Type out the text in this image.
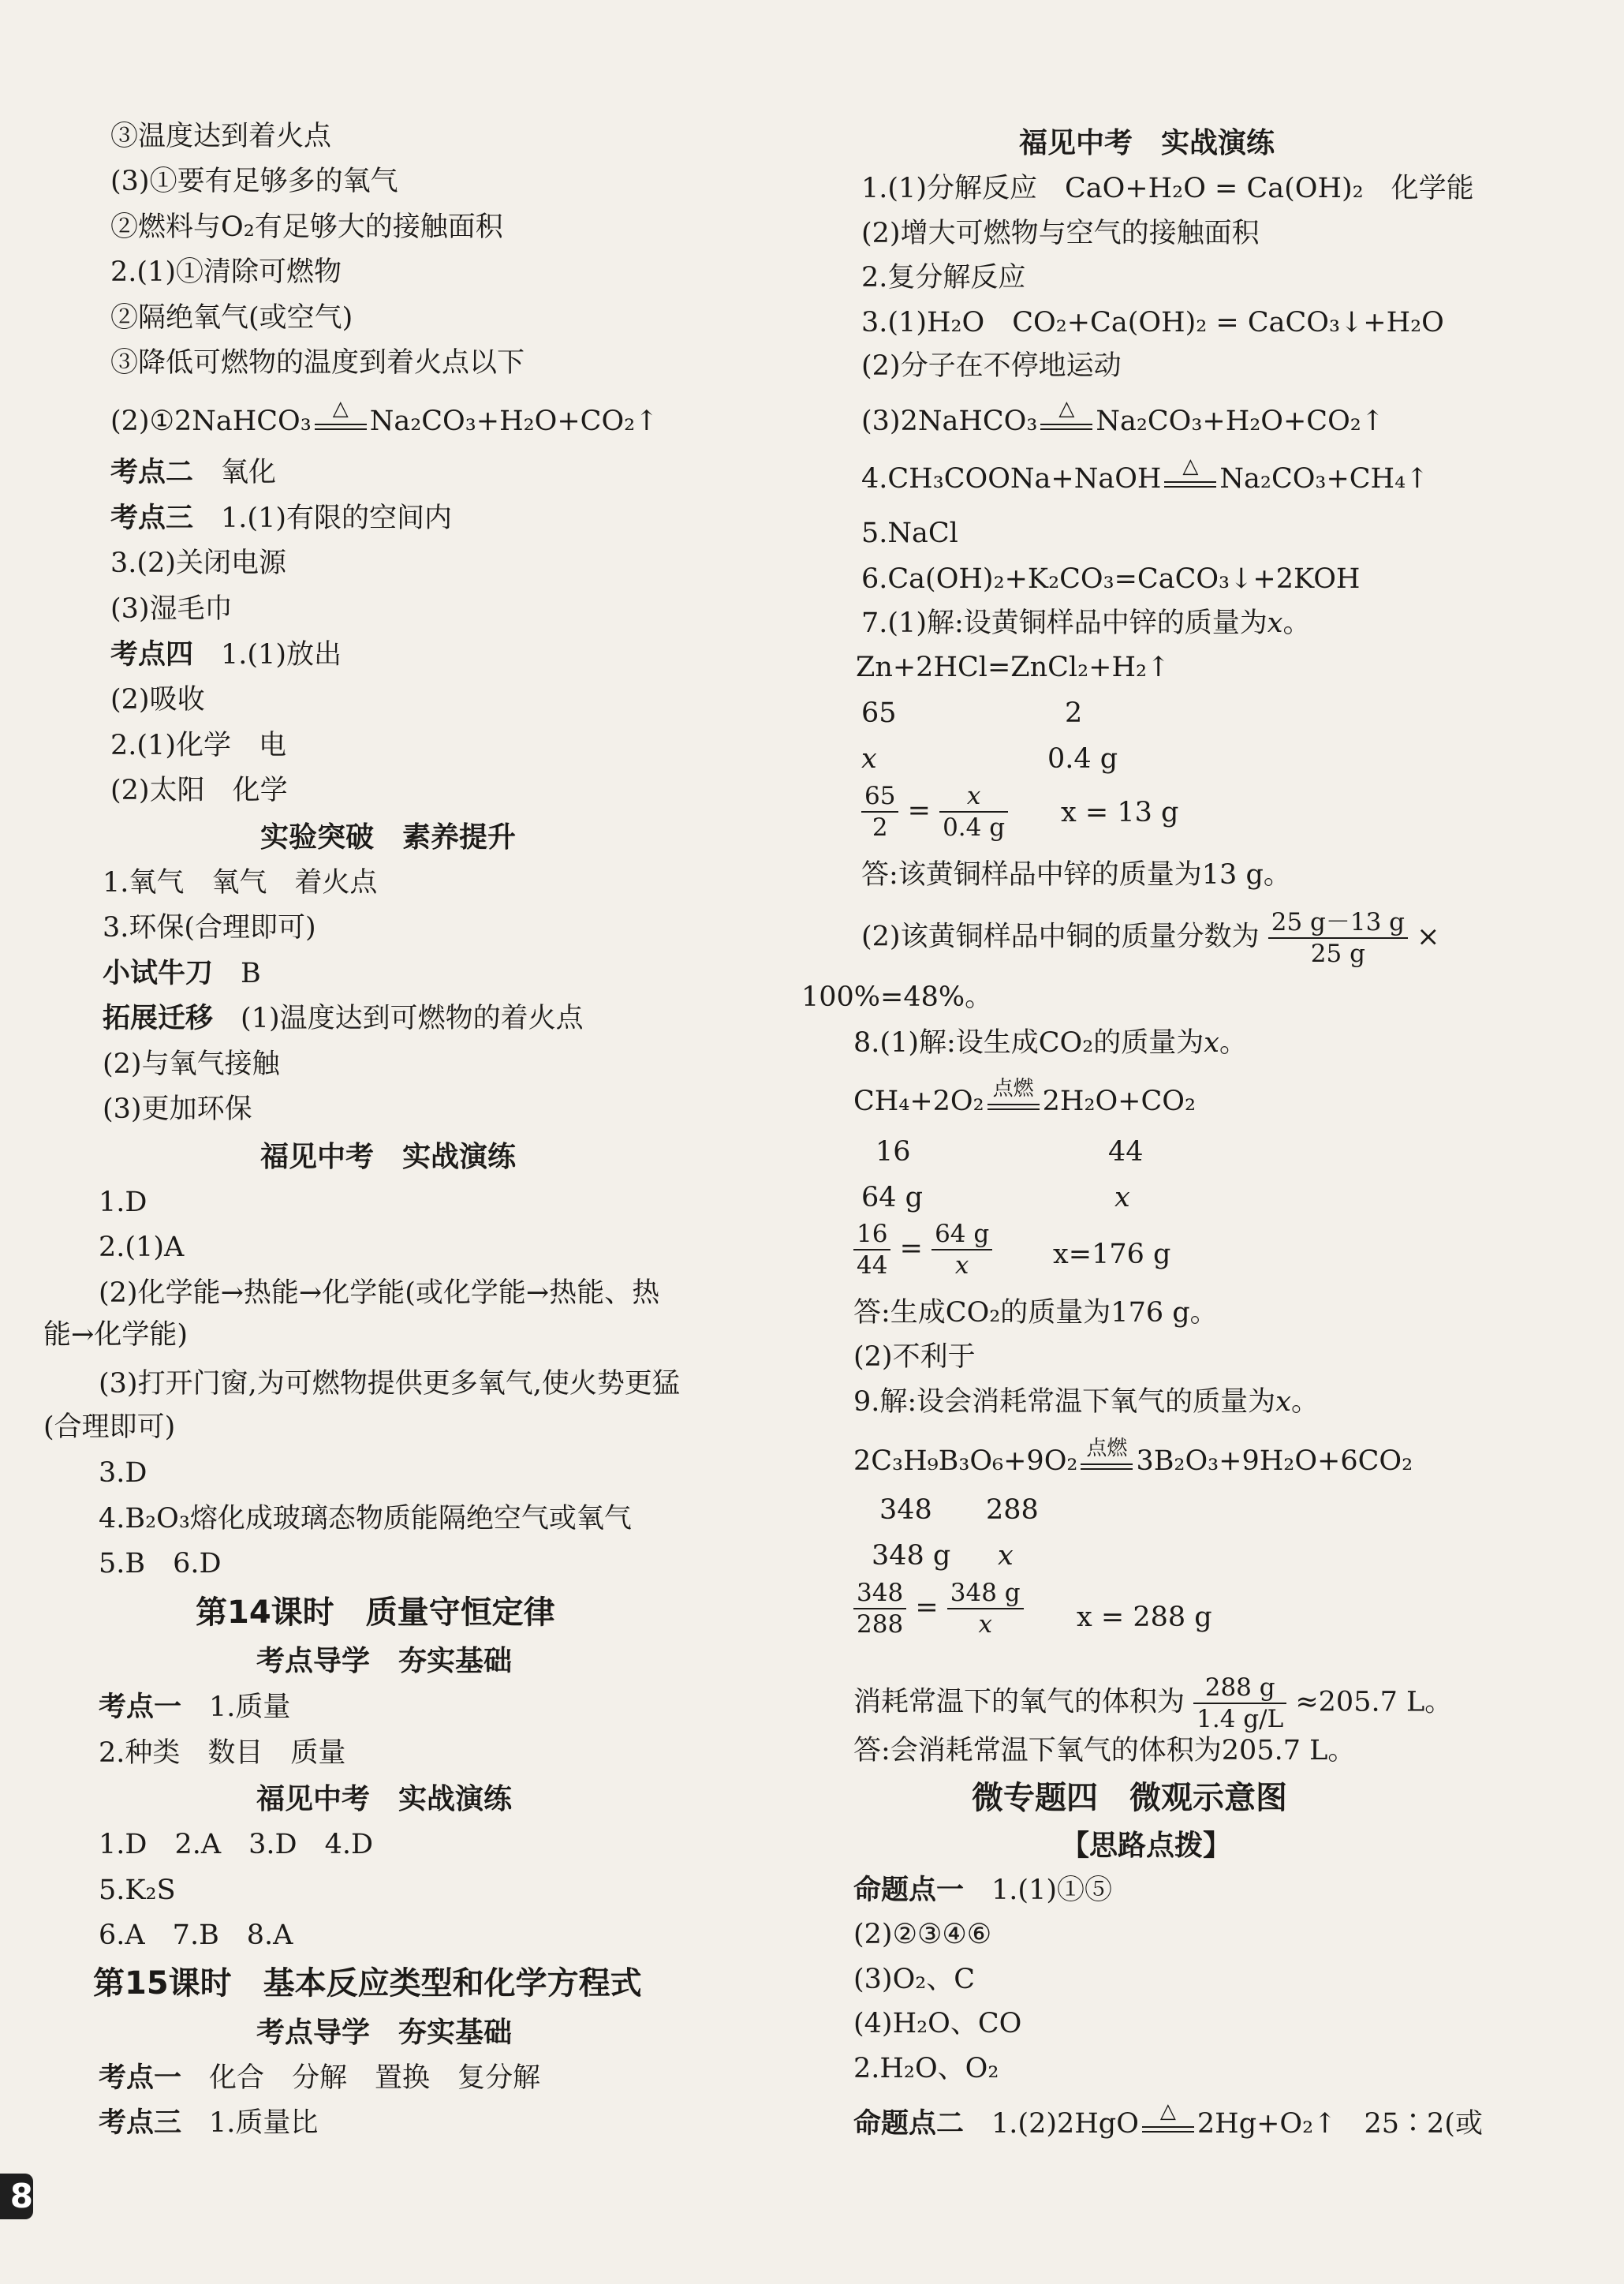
③温度达到着火点
(3)①要有足够多的氧气
②燃料与O₂有足够大的接触面积
2.(1)①清除可燃物
②隔绝氧气(或空气)
③降低可燃物的温度到着火点以下
(2)①2NaHCO₃	△ Na₂CO₃+H₂O+CO₂↑
考点二　 氧化
考点三　 1.(1)有限的空间内
3.(2)关闭电源
(3)湿毛巾
考点四　 1.(1)放出
(2)吸收
2.(1)化学　电
(2)太阳　化学
实验突破　素养提升
1.氧气　氧气　着火点
3.环保(合理即可)
小试牛刀　 B
拓展迁移　 (1)温度达到可燃物的着火点
(2)与氧气接触
(3)更加环保
福见中考　实战演练
1.D
2.(1)A
(2)化学能→热能→化学能(或化学能→热能、热
能→化学能)
(3)打开门窗,为可燃物提供更多氧气,使火势更猛
(合理即可)
3.D
4.B₂O₃熔化成玻璃态物质能隔绝空气或氧气
5.B　6.D
第14课时　质量守恒定律
考点导学　夯实基础
考点一　 1.质量
2.种类　数目　质量
福见中考　实战演练
1.D　2.A　3.D　4.D
5.K₂S
6.A　7.B　8.A
第15课时　基本反应类型和化学方程式
考点导学　夯实基础
考点一　 化合　分解　置换　复分解
考点三　 1.质量比
福见中考　实战演练
1.(1)分解反应　CaO+H₂O = Ca(OH)₂　化学能
(2)增大可燃物与空气的接触面积
2.复分解反应
3.(1)H₂O　CO₂+Ca(OH)₂ = CaCO₃↓+H₂O
(2)分子在不停地运动
(3)2NaHCO₃	△ Na₂CO₃+H₂O+CO₂↑
4.CH₃COONa+NaOH	△ Na₂CO₃+CH₄↑
5.NaCl
6.Ca(OH)₂+K₂CO₃=CaCO₃↓+2KOH
7.(1)解:设黄铜样品中锌的质量为x。
Zn+2HCl=ZnCl₂+H₂↑
65	2
x	0.4 g
$\frac{65}{2} = \frac{x}{0.4 g}$ x = 13 g
答:该黄铜样品中锌的质量为13 g。
(2)该黄铜样品中铜的质量分数为 $\frac{25 g-13 g}{25 g}$ ×
100%=48%。
8.(1)解:设生成CO₂的质量为x。
CH₄+2O₂ 点燃 2H₂O+CO₂
16	44
64 g	x
$\frac{16}{44} = \frac{64 g}{x} x=176$ g
答:生成CO₂的质量为176 g。
(2)不利于
9.解:设会消耗常温下氧气的质量为x。
2C₃H₉B₃O₆+9O₂ 点燃 3B₂O₃+9H₂O+6CO₂
348 288
348 g x
$\frac{348}{288} = \frac{348 g}{x}$ x = 288 g
消耗常温下的氧气的体积为 $\frac{288 g}{1.4 g/L} \approx 205.7$ L。
答:会消耗常温下氧气的体积为205.7 L。
微专题四　微观示意图
【思路点拨】
命题点一　 1.(1)①⑤
(2)②③④⑥
(3)O₂、C
(4)H₂O、CO
2.H₂O、O₂
命题点二　 1.(2)2HgO	△ 2Hg+O₂↑　25∶2(或
8
